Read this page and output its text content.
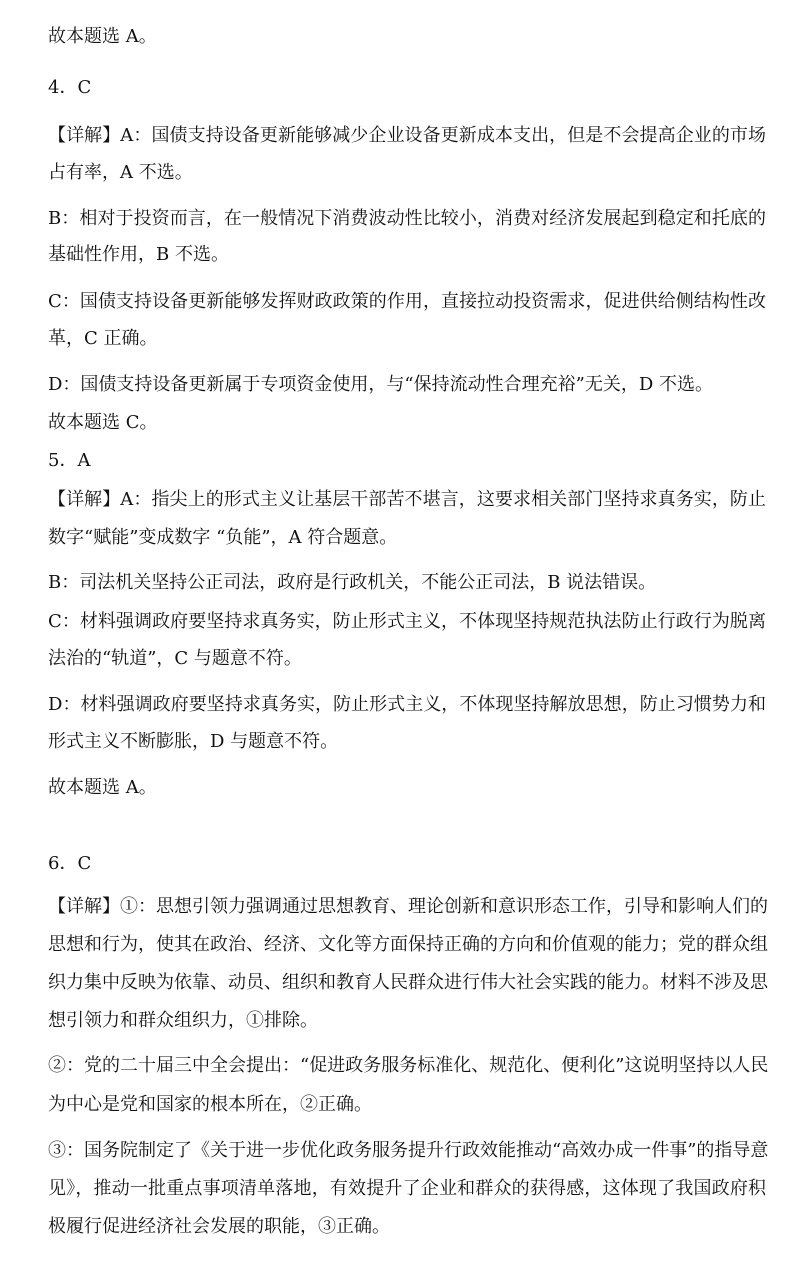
故本题选 A。
4．C
【详解】A：国债支持设备更新能够减少企业设备更新成本支出，但是不会提高企业的市场
占有率，A 不选。
B：相对于投资而言，在一般情况下消费波动性比较小，消费对经济发展起到稳定和托底的
基础性作用，B 不选。
C：国债支持设备更新能够发挥财政政策的作用，直接拉动投资需求，促进供给侧结构性改
革，C 正确。
D：国债支持设备更新属于专项资金使用，与“保持流动性合理充裕”无关，D 不选。
故本题选 C。
5．A
【详解】A：指尖上的形式主义让基层干部苦不堪言，这要求相关部门坚持求真务实，防止
数字“赋能”变成数字 “负能”，A 符合题意。
B：司法机关坚持公正司法，政府是行政机关，不能公正司法，B 说法错误。
C：材料强调政府要坚持求真务实，防止形式主义，不体现坚持规范执法防止行政行为脱离
法治的“轨道”，C 与题意不符。
D：材料强调政府要坚持求真务实，防止形式主义，不体现坚持解放思想，防止习惯势力和
形式主义不断膨胀，D 与题意不符。
故本题选 A。
6．C
【详解】①：思想引领力强调通过思想教育、理论创新和意识形态工作，引导和影响人们的
思想和行为，使其在政治、经济、文化等方面保持正确的方向和价值观的能力；党的群众组
织力集中反映为依靠、动员、组织和教育人民群众进行伟大社会实践的能力。材料不涉及思
想引领力和群众组织力，①排除。
②：党的二十届三中全会提出：“促进政务服务标准化、规范化、便利化”这说明坚持以人民
为中心是党和国家的根本所在，②正确。
③：国务院制定了《关于进一步优化政务服务提升行政效能推动“高效办成一件事”的指导意
见》，推动一批重点事项清单落地，有效提升了企业和群众的获得感，这体现了我国政府积
极履行促进经济社会发展的职能，③正确。
